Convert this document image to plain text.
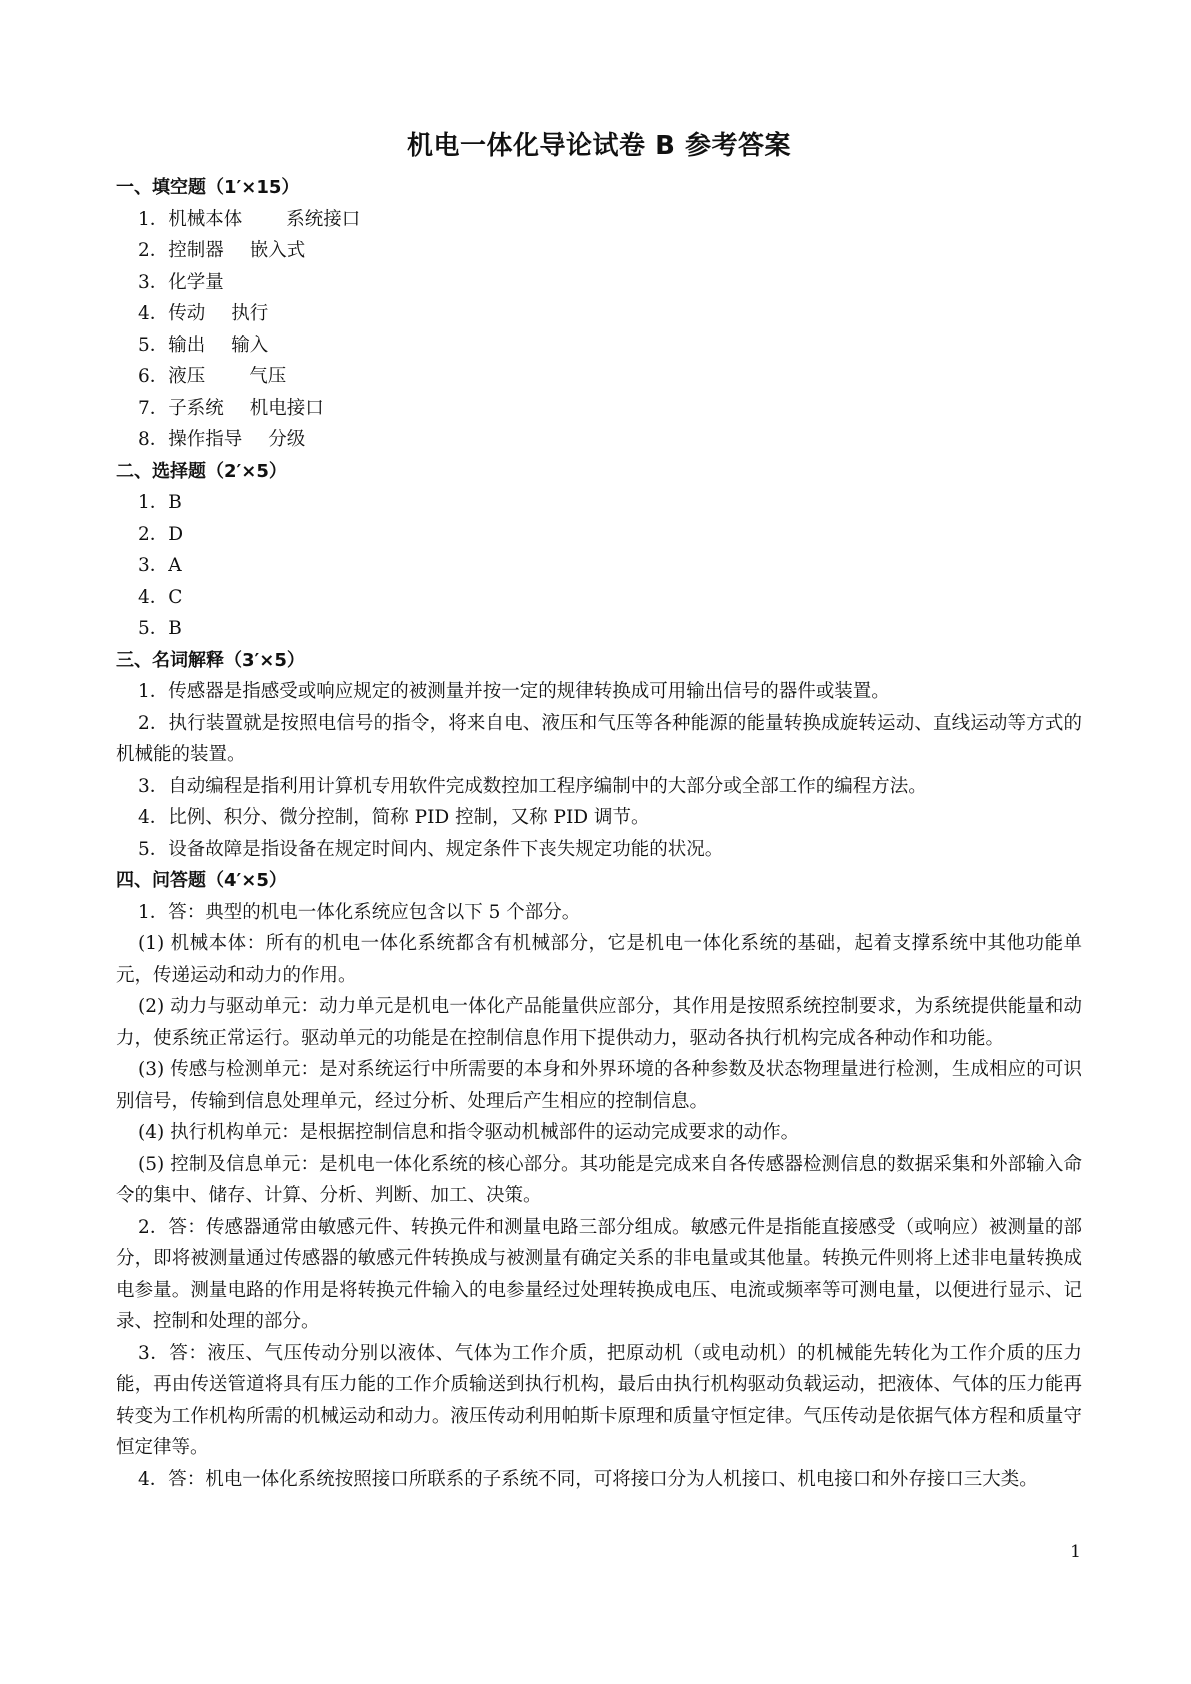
机电一体化导论试卷 B 参考答案

一、填空题（1′×15）

1．机械本体 系统接口

2．控制器 嵌入式

3．化学量

4．传动 执行

5．输出 输入

6．液压 气压

7．子系统 机电接口

8．操作指导 分级

二、选择题（2′×5）

1．B

2．D

3．A

4．C

5．B

三、名词解释（3′×5）

1．传感器是指感受或响应规定的被测量并按一定的规律转换成可用输出信号的器件或装置。

2．执行装置就是按照电信号的指令，将来自电、液压和气压等各种能源的能量转换成旋转运动、直线运动等方式的机械能的装置。

3．自动编程是指利用计算机专用软件完成数控加工程序编制中的大部分或全部工作的编程方法。

4．比例、积分、微分控制，简称 PID 控制，又称 PID 调节。

5．设备故障是指设备在规定时间内、规定条件下丧失规定功能的状况。

四、问答题（4′×5）

1．答：典型的机电一体化系统应包含以下 5 个部分。

(1) 机械本体：所有的机电一体化系统都含有机械部分，它是机电一体化系统的基础，起着支撑系统中其他功能单元，传递运动和动力的作用。

(2) 动力与驱动单元：动力单元是机电一体化产品能量供应部分，其作用是按照系统控制要求，为系统提供能量和动力，使系统正常运行。驱动单元的功能是在控制信息作用下提供动力，驱动各执行机构完成各种动作和功能。

(3) 传感与检测单元：是对系统运行中所需要的本身和外界环境的各种参数及状态物理量进行检测，生成相应的可识别信号，传输到信息处理单元，经过分析、处理后产生相应的控制信息。

(4) 执行机构单元：是根据控制信息和指令驱动机械部件的运动完成要求的动作。

(5) 控制及信息单元：是机电一体化系统的核心部分。其功能是完成来自各传感器检测信息的数据采集和外部输入命令的集中、储存、计算、分析、判断、加工、决策。

2．答：传感器通常由敏感元件、转换元件和测量电路三部分组成。敏感元件是指能直接感受（或响应）被测量的部分，即将被测量通过传感器的敏感元件转换成与被测量有确定关系的非电量或其他量。转换元件则将上述非电量转换成电参量。测量电路的作用是将转换元件输入的电参量经过处理转换成电压、电流或频率等可测电量，以便进行显示、记录、控制和处理的部分。

3．答：液压、气压传动分别以液体、气体为工作介质，把原动机（或电动机）的机械能先转化为工作介质的压力能，再由传送管道将具有压力能的工作介质输送到执行机构，最后由执行机构驱动负载运动，把液体、气体的压力能再转变为工作机构所需的机械运动和动力。液压传动利用帕斯卡原理和质量守恒定律。气压传动是依据气体方程和质量守恒定律等。

4．答：机电一体化系统按照接口所联系的子系统不同，可将接口分为人机接口、机电接口和外存接口三大类。

1
